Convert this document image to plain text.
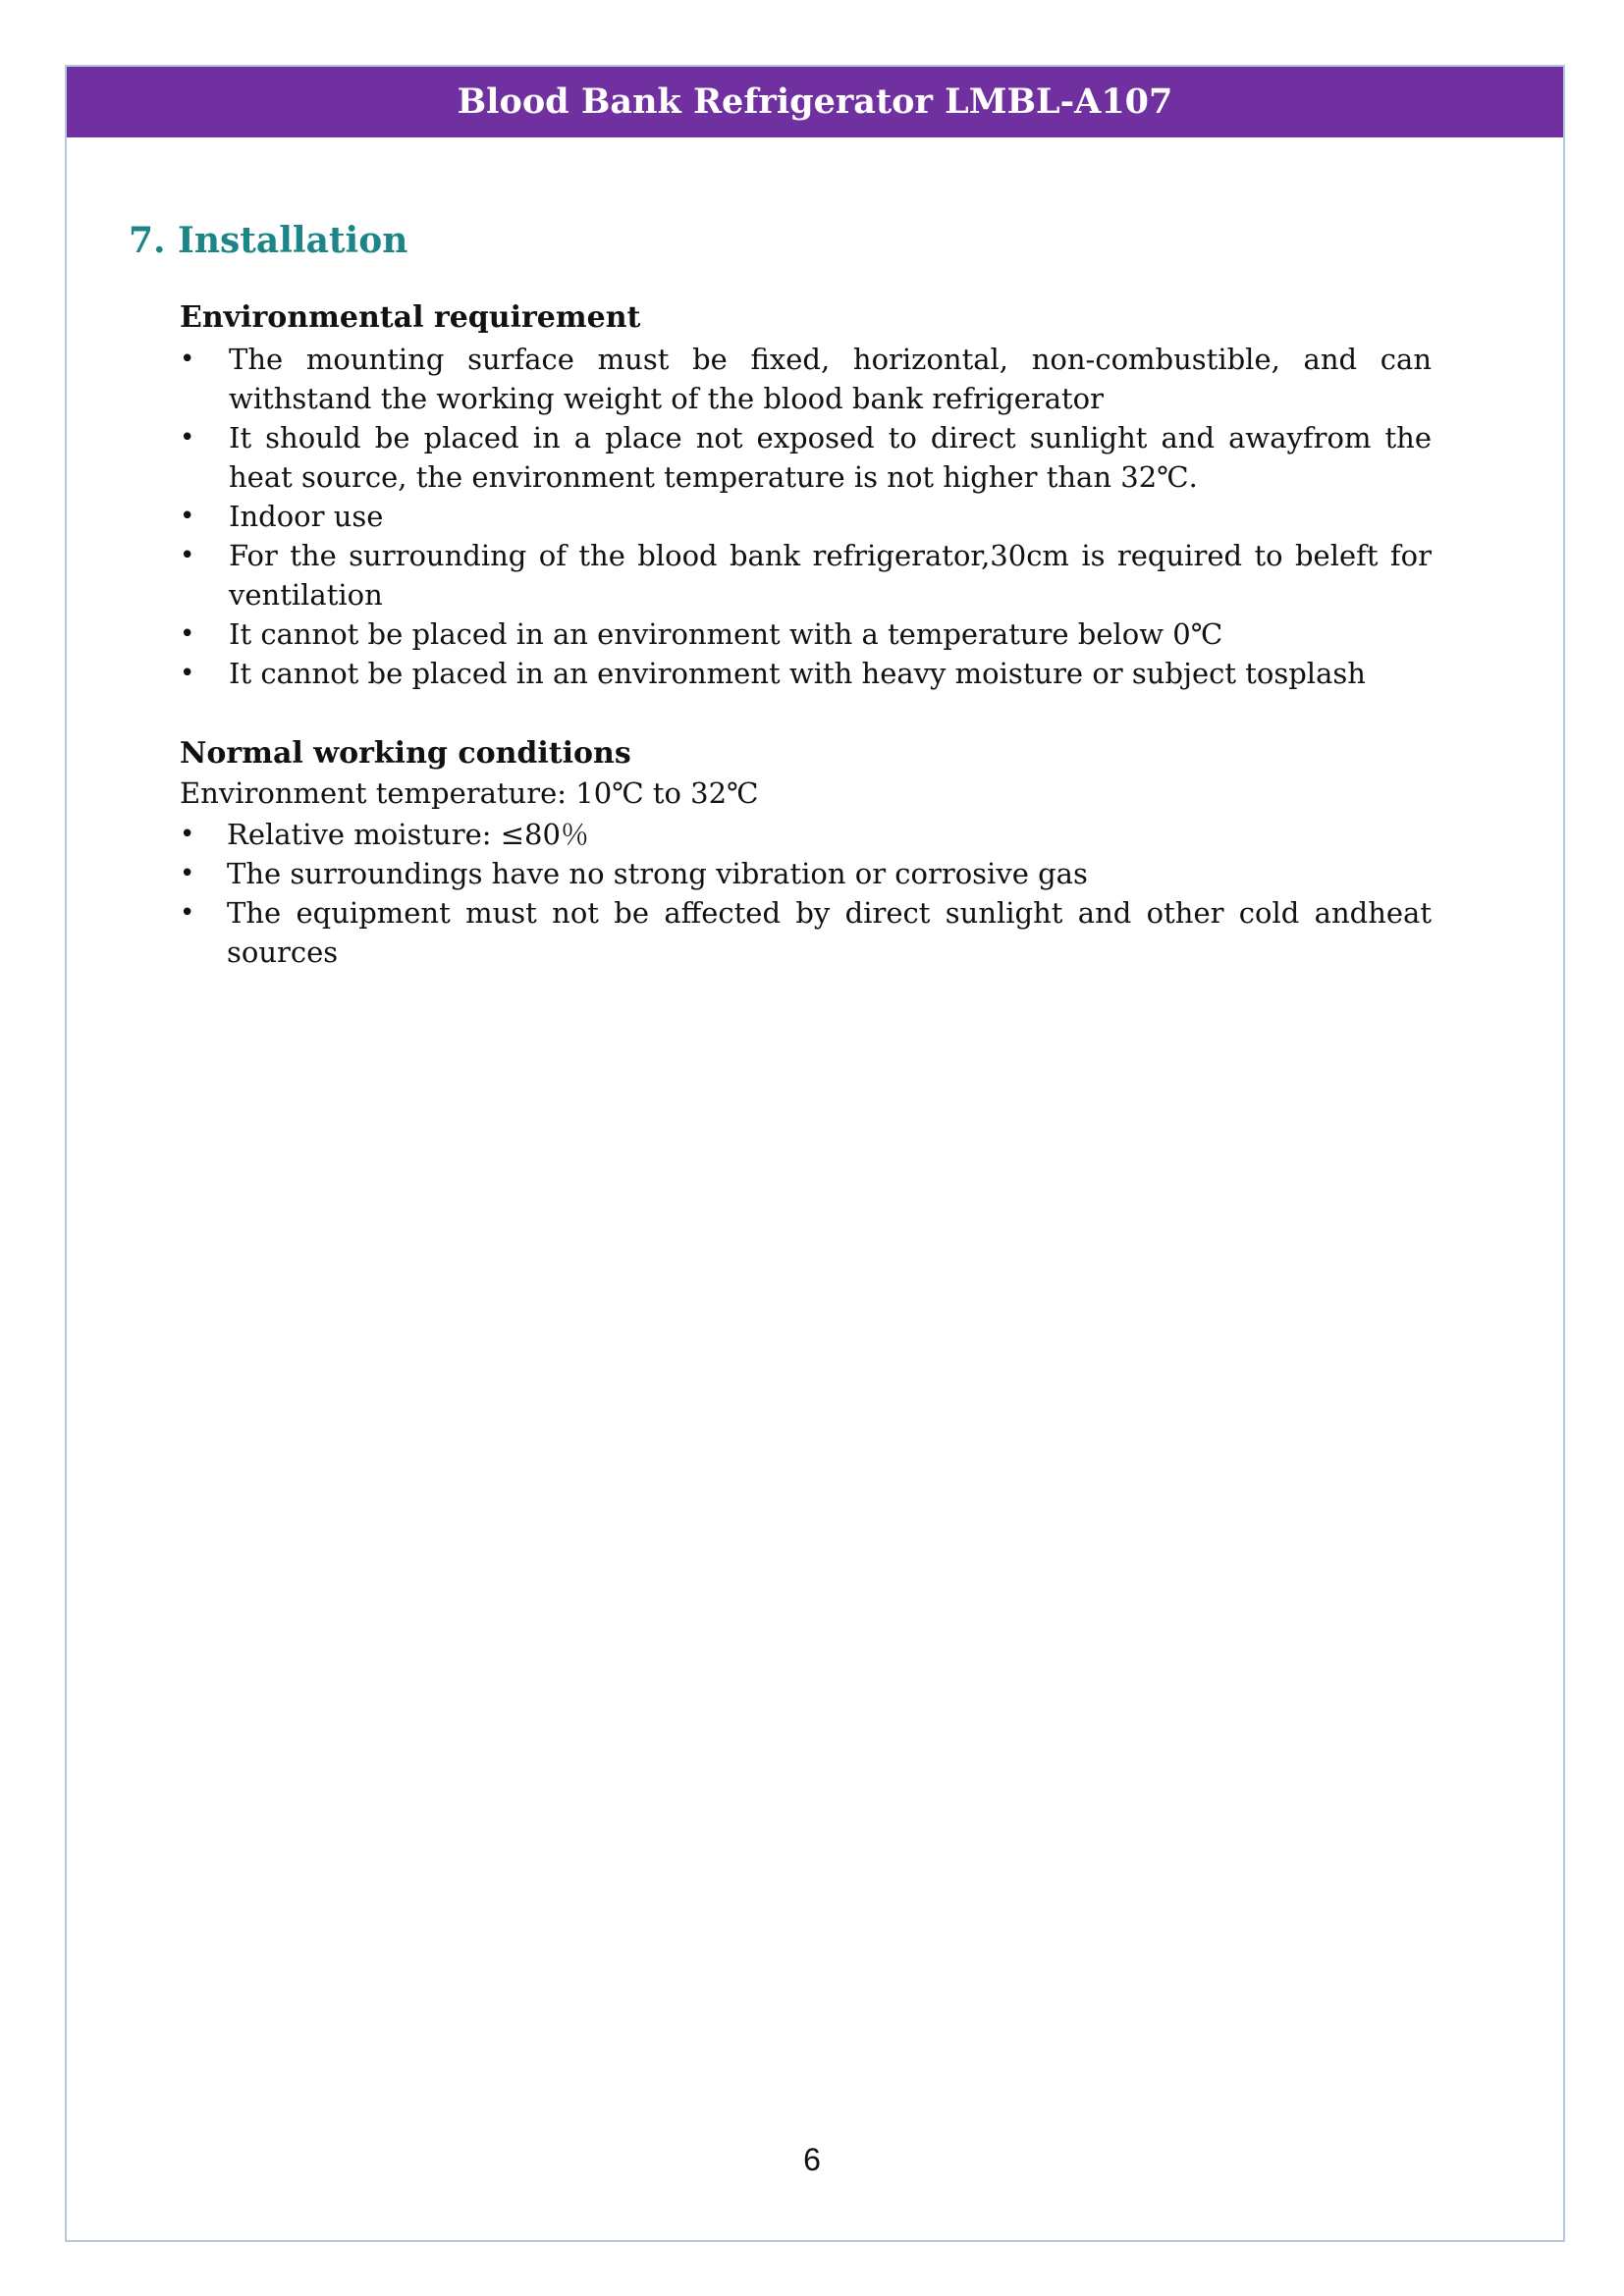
Blood Bank Refrigerator LMBL-A107
7. Installation
Environmental requirement
•	The mounting surface must be fixed, horizontal, non-combustible, and can withstand the working weight of the blood bank refrigerator
•	It should be placed in a place not exposed to direct sunlight and awayfrom the heat source, the environment temperature is not higher than 32℃.
•	Indoor use
•	For the surrounding of the blood bank refrigerator,30cm is required to beleft for ventilation
•	It cannot be placed in an environment with a temperature below 0℃
•	It cannot be placed in an environment with heavy moisture or subject tosplash
Normal working conditions

Environment temperature: 10℃ to 32℃

•	Relative moisture: ≤80％
•	The surroundings have no strong vibration or corrosive gas
•	The equipment must not be affected by direct sunlight and other cold andheat sources
6
